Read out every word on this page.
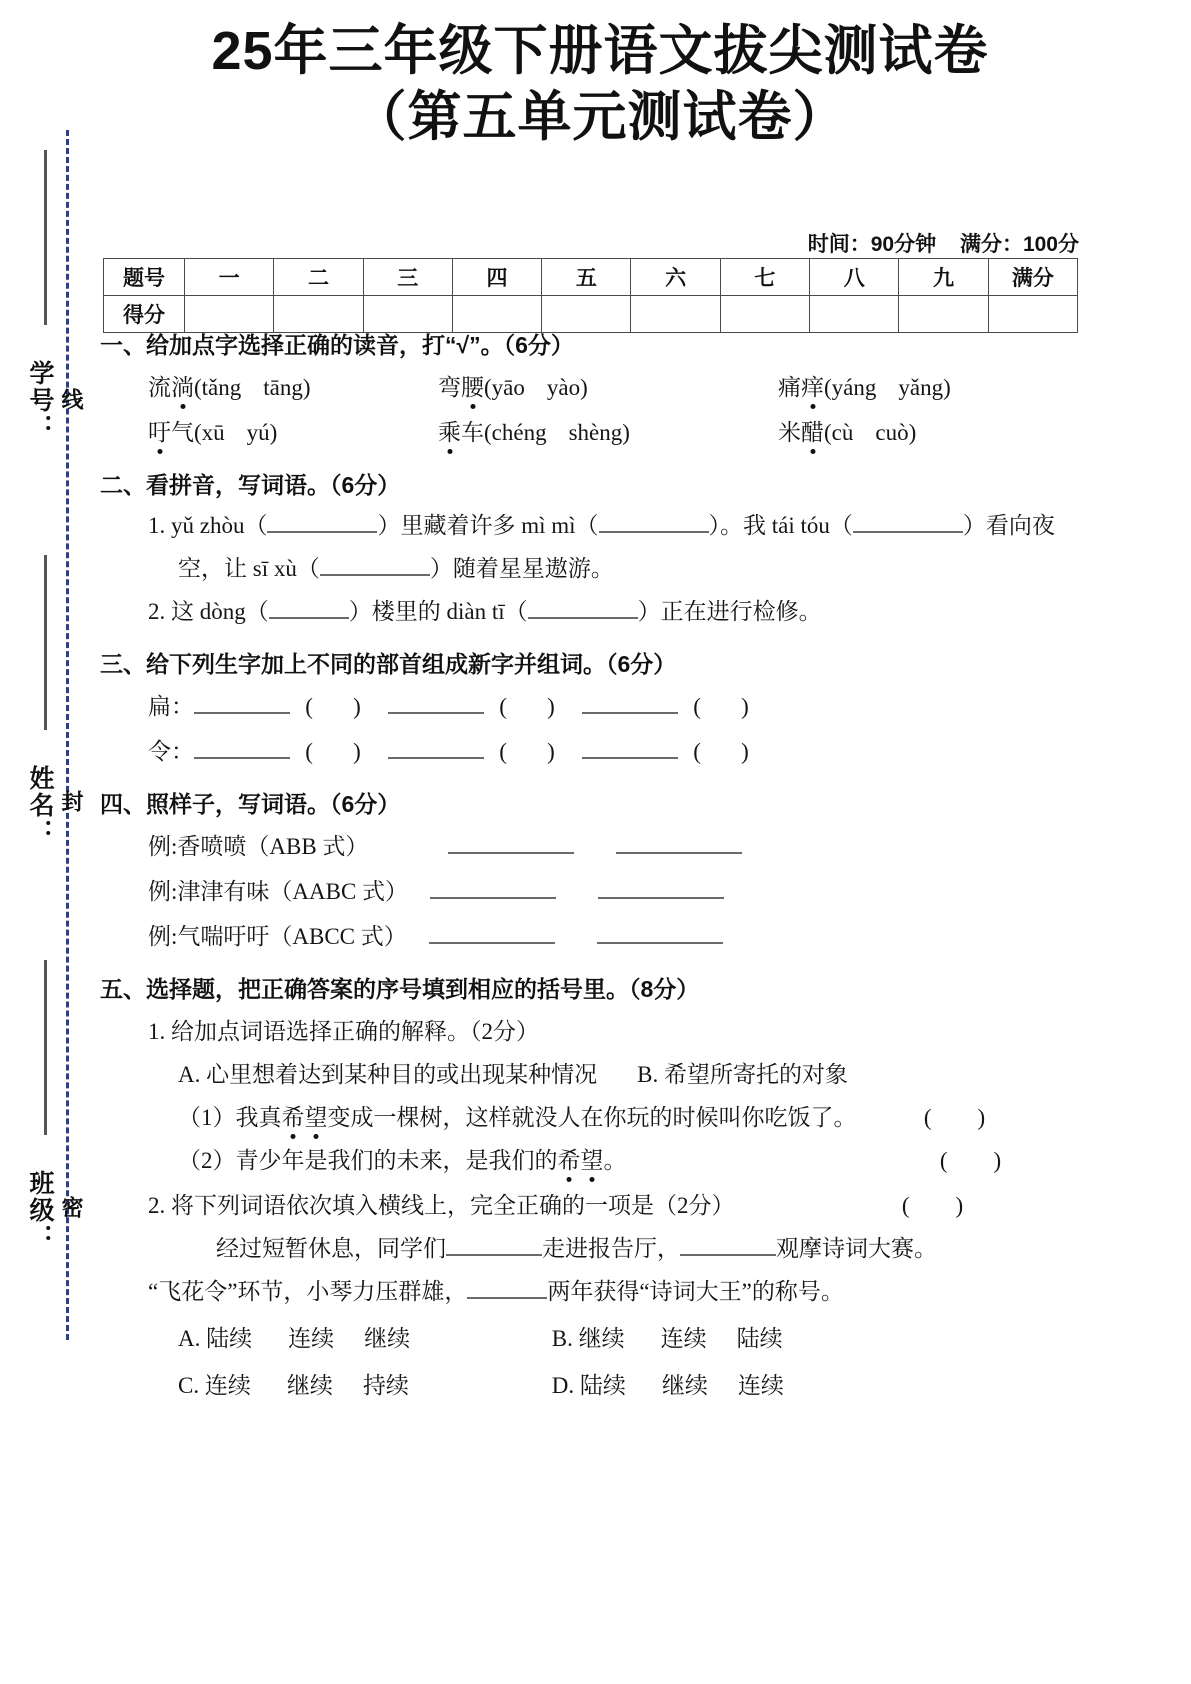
学号： 线
姓名： 封
班级： 密
25年三年级下册语文拔尖测试卷
（第五单元测试卷）
时间：90分钟 满分：100分
题号	一	二	三	四	五	六	七	八	九	满分
得分										
一、给加点字选择正确的读音，打“√”。（6分）
流淌(tǎng tāng)	弯腰(yāo yào)	痛痒(yáng yǎng)
吁气(xū yú)	乘车(chéng shèng)	米醋(cù cuò)
二、看拼音，写词语。（6分）
1. yǔ zhòu（	）里藏着许多 mì mì（	）。我 tái tóu（	）看向夜
空，让 sī xù（	）随着星星遨游。
2. 这 dòng（	）楼里的 diàn tī（	）正在进行检修。
三、给下列生字加上不同的部首组成新字并组词。（6分）
扁：	(       )	(       )	(       )
令：	(       )	(       )	(       )
四、照样子，写词语。（6分）
例:香喷喷（ABB 式）
例:津津有味（AABC 式）
例:气喘吁吁（ABCC 式）
五、选择题，把正确答案的序号填到相应的括号里。（8分）
1. 给加点词语选择正确的解释。（2分）
A. 心里想着达到某种目的或出现某种情况 B. 希望所寄托的对象
（1）我真希望变成一棵树，这样就没人在你玩的时候叫你吃饭了。	(        )
（2）青少年是我们的未来，是我们的希望。	(        )
2. 将下列词语依次填入横线上，完全正确的一项是（2分）	(        )
经过短暂休息，同学们	走进报告厅，	观摩诗词大赛。
“飞花令”环节，小琴力压群雄，	两年获得“诗词大王”的称号。
A. 陆续 连续 继续	B. 继续 连续 陆续
C. 连续 继续 持续	D. 陆续 继续 连续
